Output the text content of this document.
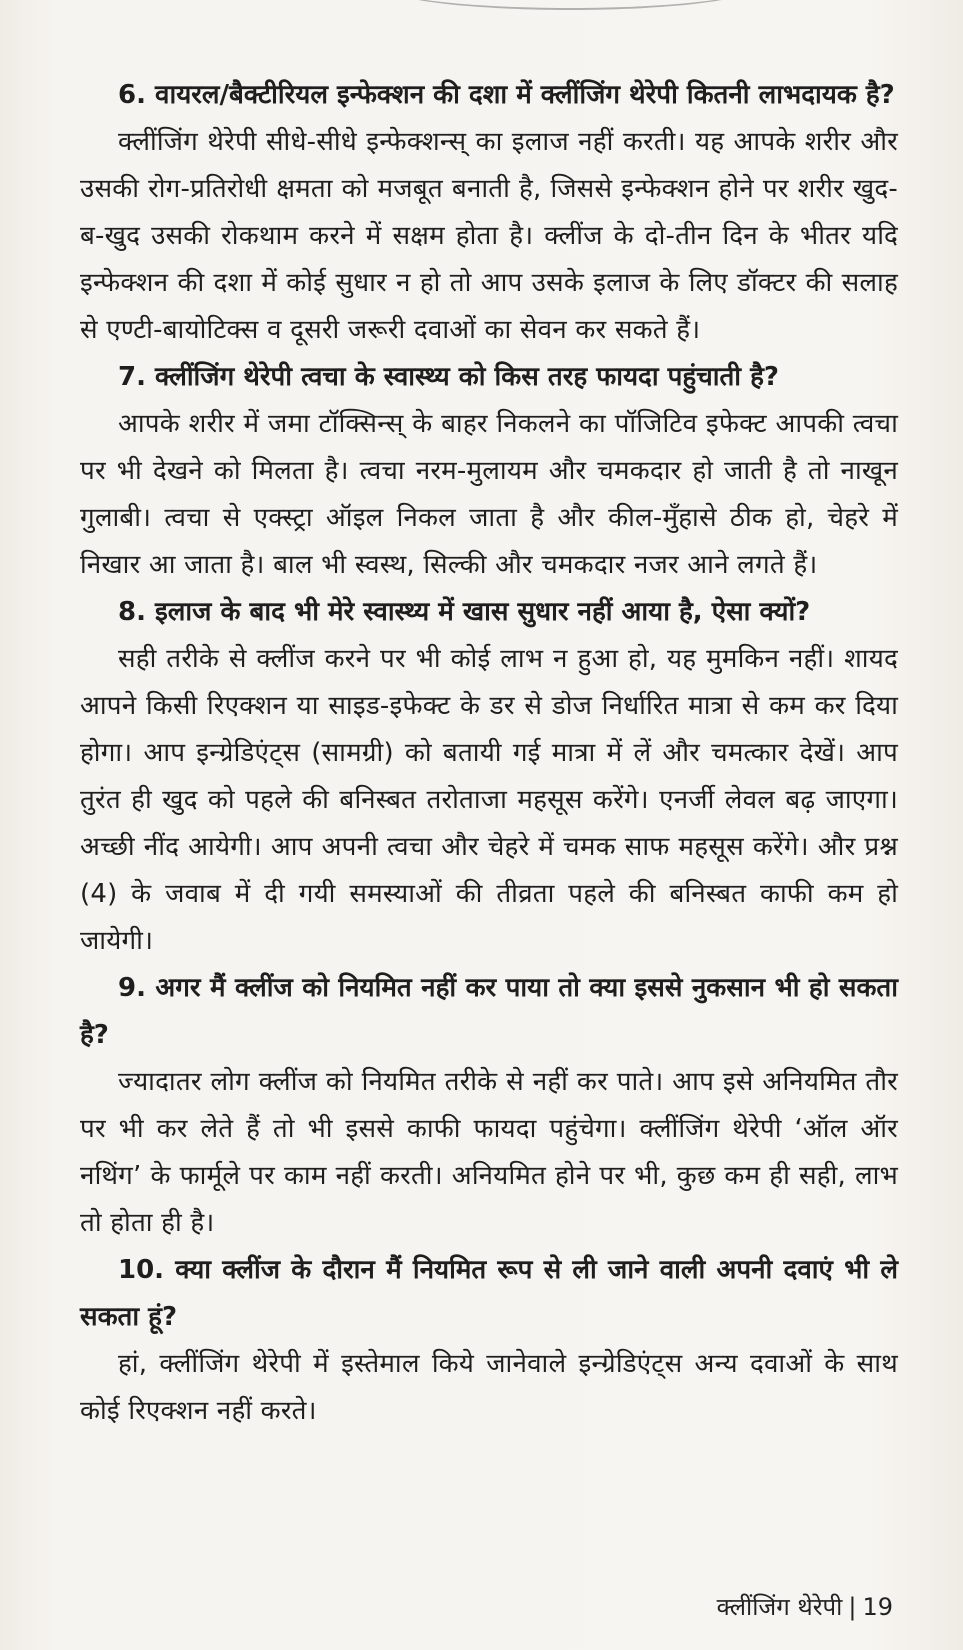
6. वायरल/बैक्टीरियल इन्फेक्शन की दशा में क्लींजिंग थेरेपी कितनी लाभदायक है?

क्लींजिंग थेरेपी सीधे-सीधे इन्फेक्शन्स् का इलाज नहीं करती। यह आपके शरीर और उसकी रोग-प्रतिरोधी क्षमता को मजबूत बनाती है, जिससे इन्फेक्शन होने पर शरीर खुद-ब-खुद उसकी रोकथाम करने में सक्षम होता है। क्लींज के दो-तीन दिन के भीतर यदि इन्फेक्शन की दशा में कोई सुधार न हो तो आप उसके इलाज के लिए डॉक्टर की सलाह से एण्टी-बायोटिक्स व दूसरी जरूरी दवाओं का सेवन कर सकते हैं।

7. क्लींजिंग थेरेपी त्वचा के स्वास्थ्य को किस तरह फायदा पहुंचाती है?

आपके शरीर में जमा टॉक्सिन्स् के बाहर निकलने का पॉजिटिव इफेक्ट आपकी त्वचा पर भी देखने को मिलता है। त्वचा नरम-मुलायम और चमकदार हो जाती है तो नाखून गुलाबी। त्वचा से एक्स्ट्रा ऑइल निकल जाता है और कील-मुँहासे ठीक हो, चेहरे में निखार आ जाता है। बाल भी स्वस्थ, सिल्की और चमकदार नजर आने लगते हैं।

8. इलाज के बाद भी मेरे स्वास्थ्य में खास सुधार नहीं आया है, ऐसा क्यों?

सही तरीके से क्लींज करने पर भी कोई लाभ न हुआ हो, यह मुमकिन नहीं। शायद आपने किसी रिएक्शन या साइड-इफेक्ट के डर से डोज निर्धारित मात्रा से कम कर दिया होगा। आप इन्ग्रेडिएंट्स (सामग्री) को बतायी गई मात्रा में लें और चमत्कार देखें। आप तुरंत ही खुद को पहले की बनिस्बत तरोताजा महसूस करेंगे। एनर्जी लेवल बढ़ जाएगा। अच्छी नींद आयेगी। आप अपनी त्वचा और चेहरे में चमक साफ महसूस करेंगे। और प्रश्न (4) के जवाब में दी गयी समस्याओं की तीव्रता पहले की बनिस्बत काफी कम हो जायेगी।

9. अगर मैं क्लींज को नियमित नहीं कर पाया तो क्या इससे नुकसान भी हो सकता है?

ज्यादातर लोग क्लींज को नियमित तरीके से नहीं कर पाते। आप इसे अनियमित तौर पर भी कर लेते हैं तो भी इससे काफी फायदा पहुंचेगा। क्लींजिंग थेरेपी ‘ऑल ऑर नथिंग’ के फार्मूले पर काम नहीं करती। अनियमित होने पर भी, कुछ कम ही सही, लाभ तो होता ही है।

10. क्या क्लींज के दौरान मैं नियमित रूप से ली जाने वाली अपनी दवाएं भी ले सकता हूं?

हां, क्लींजिंग थेरेपी में इस्तेमाल किये जानेवाले इन्ग्रेडिएंट्स अन्य दवाओं के साथ कोई रिएक्शन नहीं करते।

क्लींजिंग थेरेपी | 19
